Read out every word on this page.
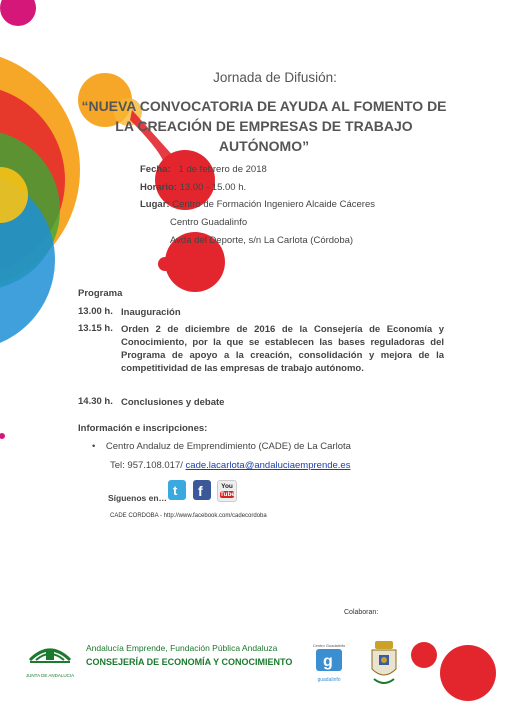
Jornada de Difusión:
“NUEVA CONVOCATORIA DE AYUDA AL FOMENTO DE
LA CREACIÓN DE EMPRESAS DE TRABAJO
AUTÓNOMO”
Fecha: 1 de febrero de 2018
Horario: 13.00 - 15.00 h.
Lugar: Centro de Formación Ingeniero Alcaide Cáceres
Centro Guadalinfo
Avda del Deporte, s/n La Carlota (Córdoba)
Programa
13.00 h. Inauguración
13.15 h. Orden 2 de diciembre de 2016 de la Consejería de Economía y Conocimiento, por la que se establecen las bases reguladoras del Programa de apoyo a la creación, consolidación y mejora de la competitividad de las empresas de trabajo autónomo.
14.30 h. Conclusiones y debate
Información e inscripciones:
• Centro Andaluz de Emprendimiento (CADE) de La Carlota
Tel: 957.108.017/ cade.lacarlota@andaluciaemprende.es
Síguenos en… t f	You
Tube
CADE CORDOBA - http://www.facebook.com/cadecordoba
Colaboran:
JUNTA DE ANDALUCIA
Andalucía Emprende, Fundación Pública Andaluza
CONSEJERÍA DE ECONOMÍA Y CONOCIMIENTO
Centro Guadalinfo
g
guadalinfo
